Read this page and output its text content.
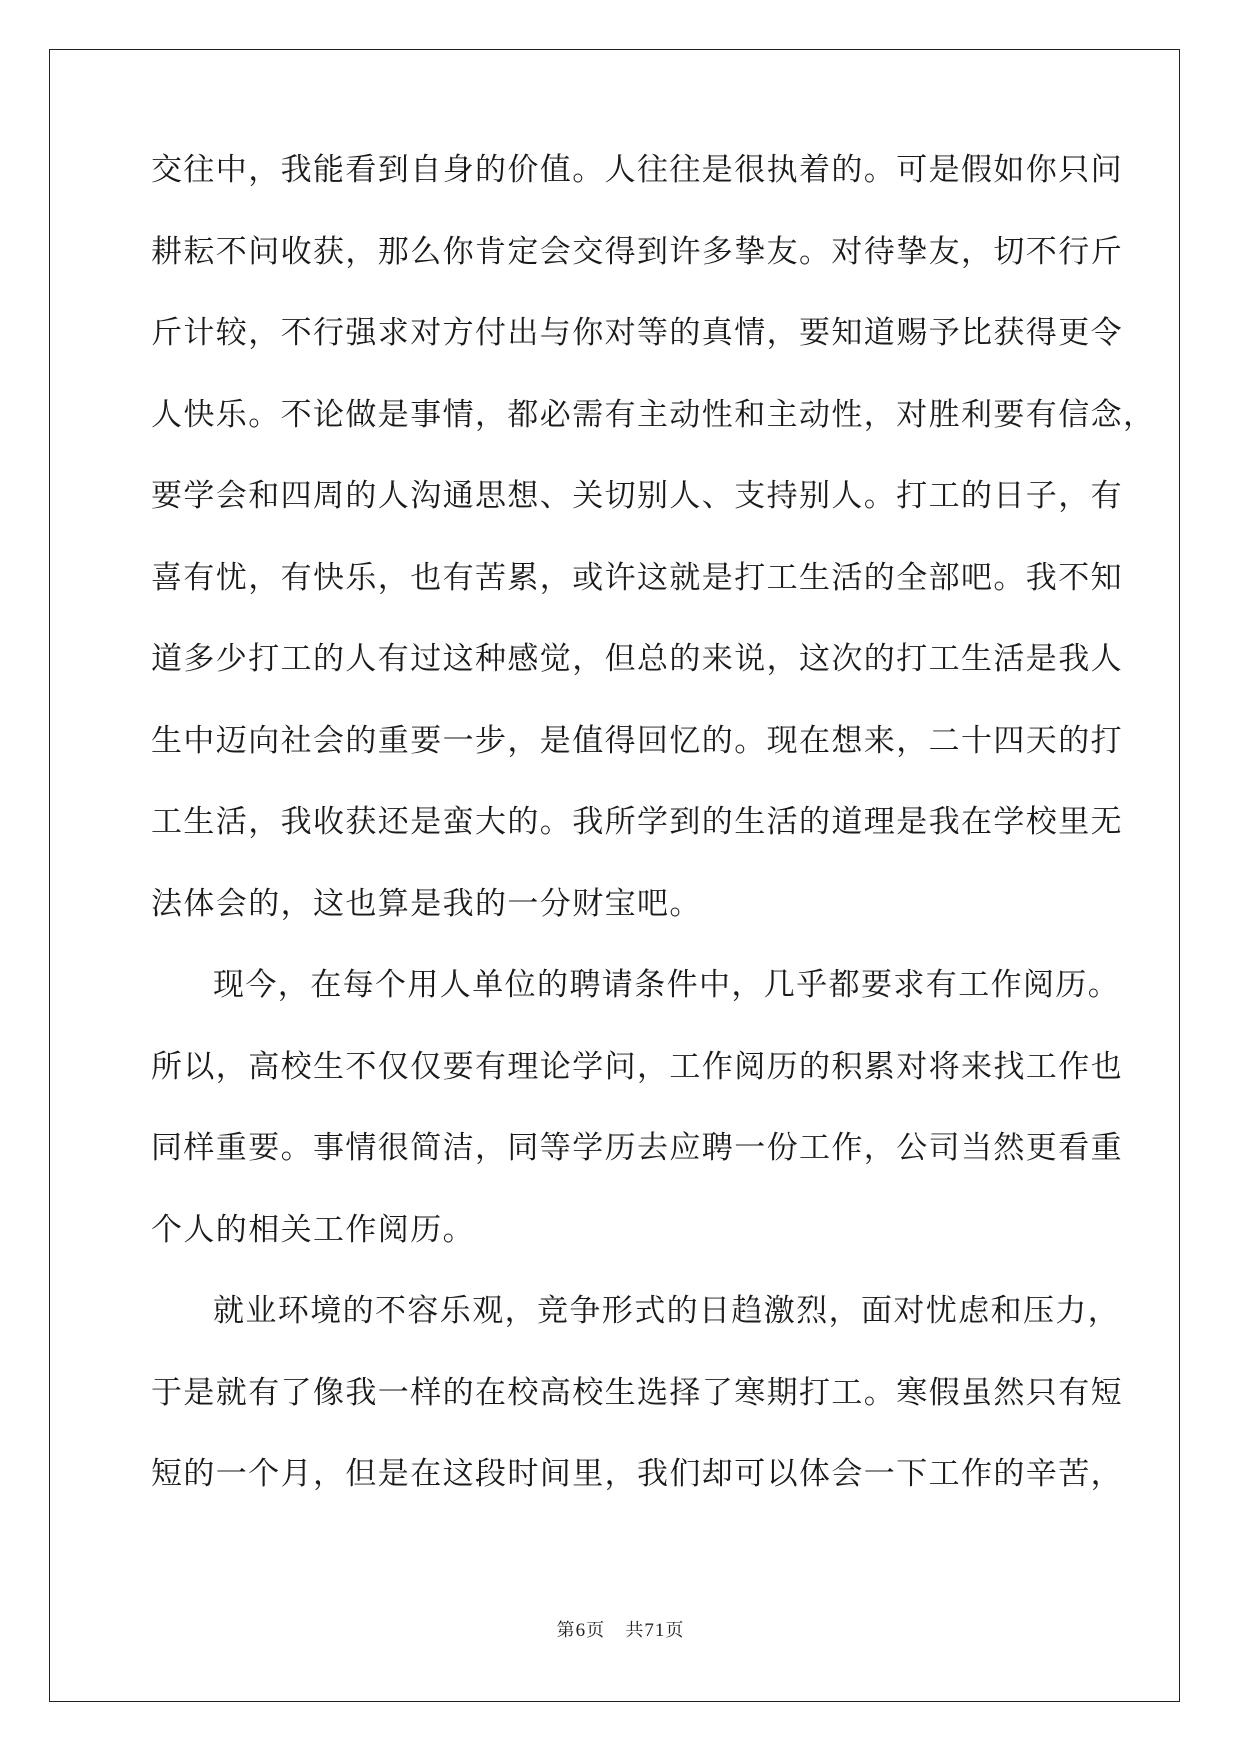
交往中，我能看到自身的价值。人往往是很执着的。可是假如你只问
耕耘不问收获，那么你肯定会交得到许多挚友。对待挚友，切不行斤
斤计较，不行强求对方付出与你对等的真情，要知道赐予比获得更令
人快乐。不论做是事情，都必需有主动性和主动性，对胜利要有信念，
要学会和四周的人沟通思想、关切别人、支持别人。打工的日子，有
喜有忧，有快乐，也有苦累，或许这就是打工生活的全部吧。我不知
道多少打工的人有过这种感觉，但总的来说，这次的打工生活是我人
生中迈向社会的重要一步，是值得回忆的。现在想来，二十四天的打
工生活，我收获还是蛮大的。我所学到的生活的道理是我在学校里无
法体会的，这也算是我的一分财宝吧。
现今，在每个用人单位的聘请条件中，几乎都要求有工作阅历。
所以，高校生不仅仅要有理论学问，工作阅历的积累对将来找工作也
同样重要。事情很简洁，同等学历去应聘一份工作，公司当然更看重
个人的相关工作阅历。
就业环境的不容乐观，竞争形式的日趋激烈，面对忧虑和压力，
于是就有了像我一样的在校高校生选择了寒期打工。寒假虽然只有短
短的一个月，但是在这段时间里，我们却可以体会一下工作的辛苦，
第6页 共71页
